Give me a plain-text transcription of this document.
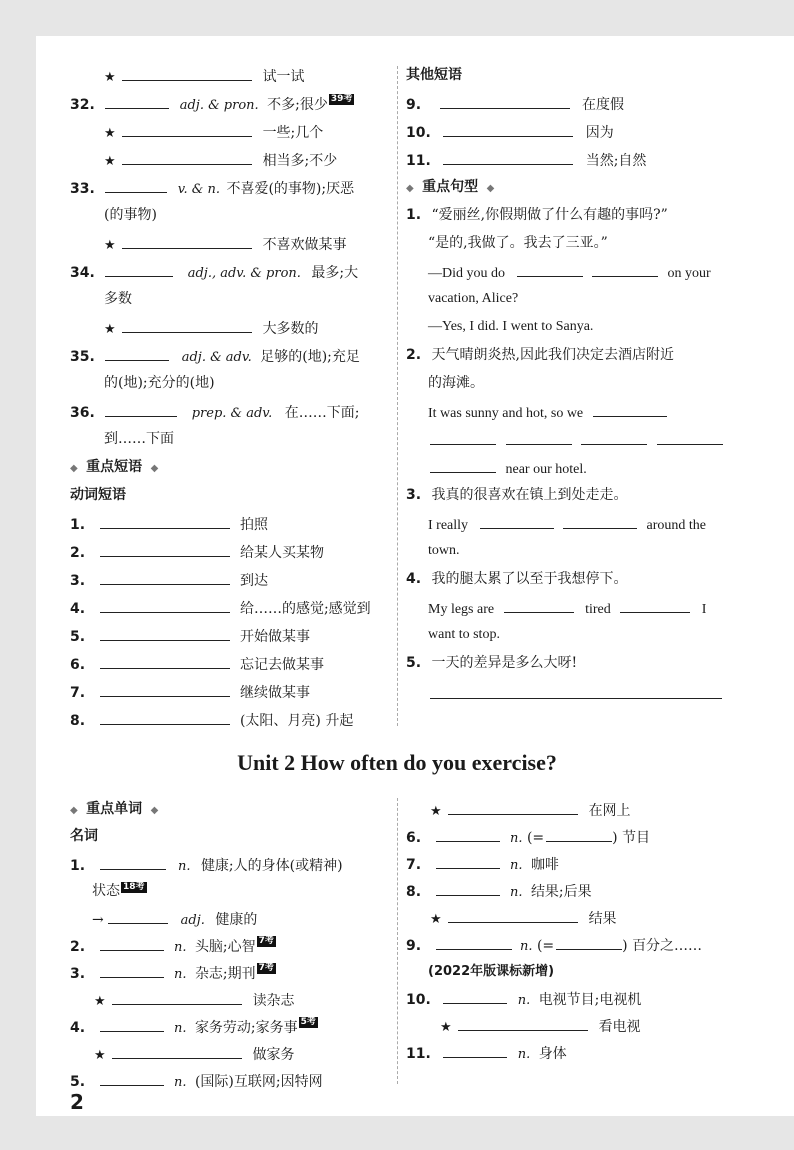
★	试一试
32.	adj. & pron. 不多;很少 39考
★	一些;几个
★	相当多;不少
33.	v. & n. 不喜爱(的事物);厌恶
(的事物)
★	不喜欢做某事
34.	adj., adv. & pron. 最多;大
多数
★	大多数的
35.	adj. & adv. 足够的(地);充足
的(地);充分的(地)
36.	prep. & adv. 在……下面;
到……下面
◆ 重点短语 ◆
动词短语
1.	拍照
2.	给某人买某物
3.	到达
4.	给……的感觉;感觉到
5.	开始做某事
6.	忘记去做某事
7.	继续做某事
8.	(太阳、月亮) 升起
其他短语
9.	在度假
10.	因为
11.	当然;自然
◆ 重点句型 ◆
1. “爱丽丝,你假期做了什么有趣的事吗?”
“是的,我做了。我去了三亚。”
—Did you do	on your
vacation, Alice?
—Yes, I did. I went to Sanya.
2. 天气晴朗炎热,因此我们决定去酒店附近
的海滩。
It was sunny and hot, so we

near our hotel.
3. 我真的很喜欢在镇上到处走走。
I really	around the
town.
4. 我的腿太累了以至于我想停下。
My legs are	tired	I
want to stop.
5. 一天的差异是多么大呀!
Unit 2 How often do you exercise?
◆ 重点单词 ◆
名词
1.	n. 健康;人的身体(或精神)
状态 18考
→	adj. 健康的
2.	n. 头脑;心智 7考
3.	n. 杂志;期刊 7考
★	读杂志
4.	n. 家务劳动;家务事 5考
★	做家务
5.	n. (国际)互联网;因特网
★	在网上
6.	n. (=	) 节目
7.	n. 咖啡
8.	n. 结果;后果
★	结果
9.	n. (=	) 百分之……
(2022年版课标新增)
10.	n. 电视节目;电视机
★	看电视
11.	n. 身体
2
